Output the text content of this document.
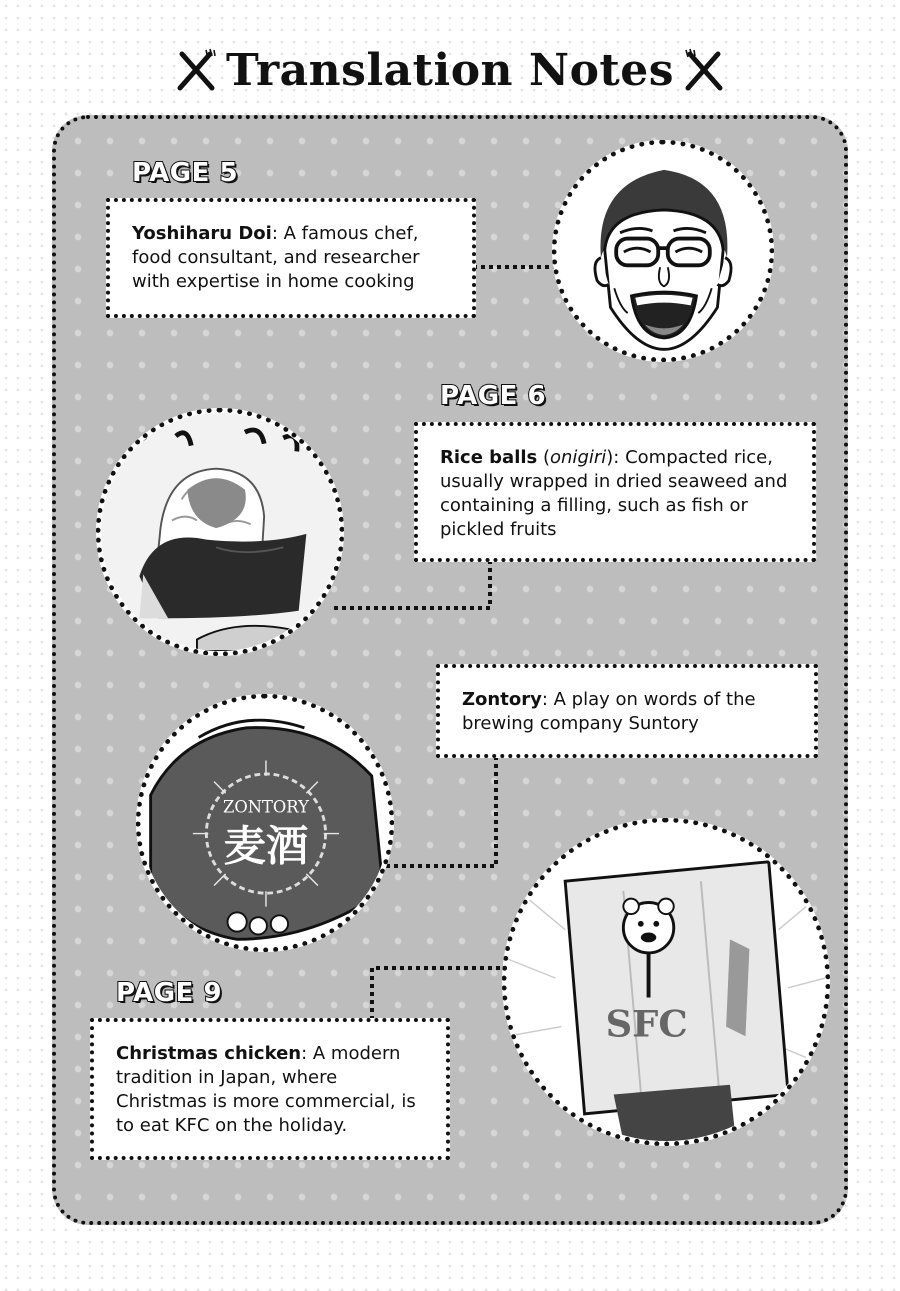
Translation Notes
PAGE 5
Yoshiharu Doi: A famous chef, food consultant, and researcher with expertise in home cooking
PAGE 6
Rice balls (onigiri): Compacted rice, usually wrapped in dried seaweed and containing a filling, such as fish or pickled fruits
Zontory: A play on words of the brewing company Suntory
ZONTORY
麦酒
PAGE 9
Christmas chicken: A modern tradition in Japan, where Christmas is more commercial, is to eat KFC on the holiday.
SFC
